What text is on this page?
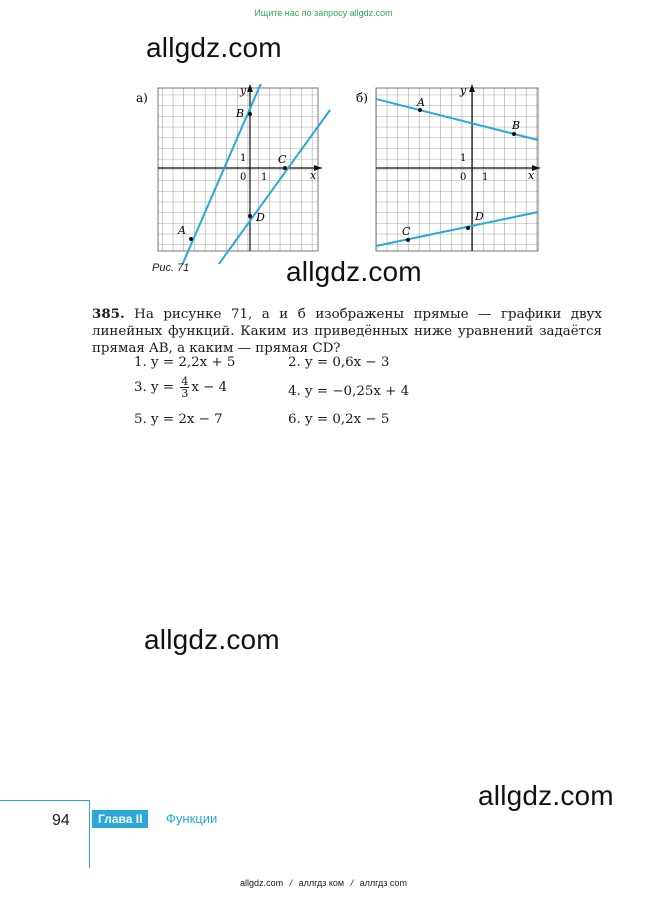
Ищите нас по запросу allgdz.com
allgdz.com
allgdz.com
allgdz.com
allgdz.com
а)
A
B
C
D
x
y
0 1
1
б)	A
B
C
D
x
y
0 1
1
Рис. 71
385. На рисунке 71, а и б изображены прямые — графики двух линейных функций. Каким из приведённых ниже уравнений задаётся прямая AB, а каким — прямая CD?
1. y = 2,2x + 5	2. y = 0,6x − 3
3. $y = \frac{4}{3}$ x − 4	4. y = −0,25x + 4
5. y = 2x − 7	6. y = 0,2x − 5
94	Глава II	Функции
allgdz.com / аллгдз ком / аллгдз com
